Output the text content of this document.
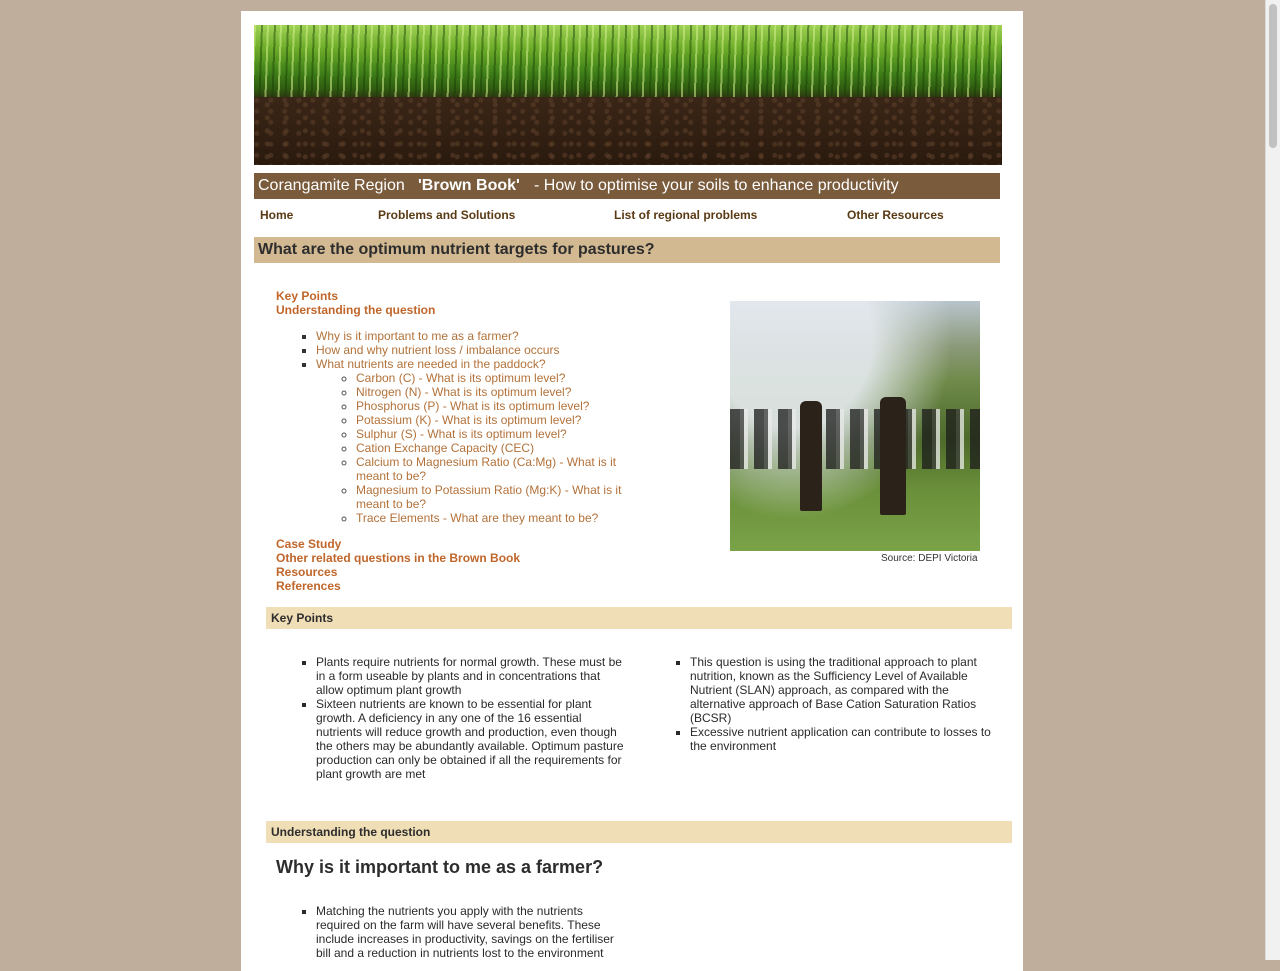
Corangamite Region 'Brown Book' - How to optimise your soils to enhance productivity
Home	Problems and Solutions	List of regional problems	Other Resources
What are the optimum nutrient targets for pastures?
Key Points
Understanding the question
▪ Why is it important to me as a farmer?
▪ How and why nutrient loss / imbalance occurs
▪ What nutrients are needed in the paddock?
◦ Carbon (C) - What is its optimum level?
◦ Nitrogen (N) - What is its optimum level?
◦ Phosphorus (P) - What is its optimum level?
◦ Potassium (K) - What is its optimum level?
◦ Sulphur (S) - What is its optimum level?
◦ Cation Exchange Capacity (CEC)
◦ Calcium to Magnesium Ratio (Ca:Mg) - What is it meant to be?
◦ Magnesium to Potassium Ratio (Mg:K) - What is it meant to be?
◦ Trace Elements - What are they meant to be?
Case Study
Other related questions in the Brown Book
Resources
References
Source: DEPI Victoria
Key Points
▪ Plants require nutrients for normal growth. These must be in a form useable by plants and in concentrations that allow optimum plant growth
▪ Sixteen nutrients are known to be essential for plant growth. A deficiency in any one of the 16 essential nutrients will reduce growth and production, even though the others may be abundantly available. Optimum pasture production can only be obtained if all the requirements for plant growth are met
▪ This question is using the traditional approach to plant nutrition, known as the Sufficiency Level of Available Nutrient (SLAN) approach, as compared with the alternative approach of Base Cation Saturation Ratios (BCSR)
▪ Excessive nutrient application can contribute to losses to the environment
Understanding the question
Why is it important to me as a farmer?
▪ Matching the nutrients you apply with the nutrients required on the farm will have several benefits. These include increases in productivity, savings on the fertiliser bill and a reduction in nutrients lost to the environment
